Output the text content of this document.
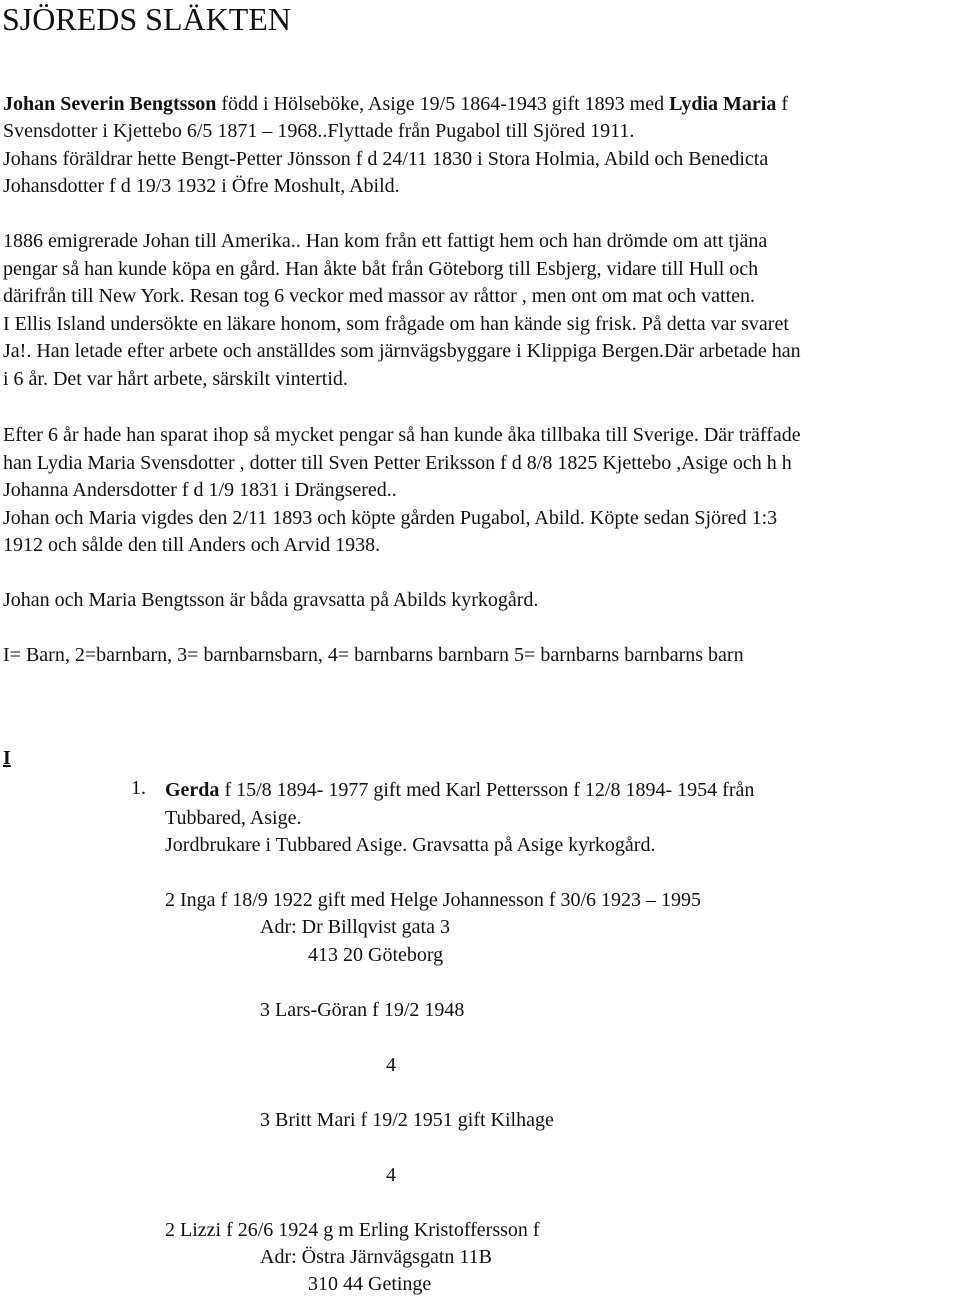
SJÖREDS SLÄKTEN
Johan Severin Bengtsson född i Hölseböke, Asige 19/5 1864-1943 gift 1893 med Lydia Maria f
Svensdotter i Kjettebo 6/5 1871 – 1968..Flyttade från Pugabol till Sjöred 1911.
Johans föräldrar hette Bengt-Petter Jönsson f d 24/11 1830 i Stora Holmia, Abild och Benedicta
Johansdotter f d 19/3 1932 i Öfre Moshult, Abild.
1886 emigrerade Johan till Amerika.. Han kom från ett fattigt hem och han drömde om att tjäna
pengar så han kunde köpa en gård. Han åkte båt från Göteborg till Esbjerg, vidare till Hull och
därifrån till New York. Resan tog 6 veckor med massor av råttor , men ont om mat och vatten.
I Ellis Island undersökte en läkare honom, som frågade om han kände sig frisk. På detta var svaret
Ja!. Han letade efter arbete och anställdes som järnvägsbyggare i Klippiga Bergen.Där arbetade han
i 6 år. Det var hårt arbete, särskilt vintertid.
Efter 6 år hade han sparat ihop så mycket pengar så han kunde åka tillbaka till Sverige. Där träffade
han Lydia Maria Svensdotter , dotter till Sven Petter Eriksson f d 8/8 1825 Kjettebo ,Asige och h h
Johanna Andersdotter f d 1/9 1831 i Drängsered..
Johan och Maria vigdes den 2/11 1893 och köpte gården Pugabol, Abild. Köpte sedan Sjöred 1:3
1912 och sålde den till Anders och Arvid 1938.
Johan och Maria Bengtsson är båda gravsatta på Abilds kyrkogård.
I= Barn, 2=barnbarn, 3= barnbarnsbarn, 4= barnbarns barnbarn 5= barnbarns barnbarns barn
I
1. Gerda f 15/8 1894- 1977 gift med Karl Pettersson f 12/8 1894- 1954 från
Tubbared, Asige.
Jordbrukare i Tubbared Asige. Gravsatta på Asige kyrkogård.
2 Inga f 18/9 1922 gift med Helge Johannesson f 30/6 1923 – 1995
Adr: Dr Billqvist gata 3
413 20 Göteborg
3 Lars-Göran f 19/2 1948
4
3 Britt Mari f 19/2 1951 gift Kilhage
4
2 Lizzi f 26/6 1924 g m Erling Kristoffersson f
Adr: Östra Järnvägsgatn 11B
310 44 Getinge
